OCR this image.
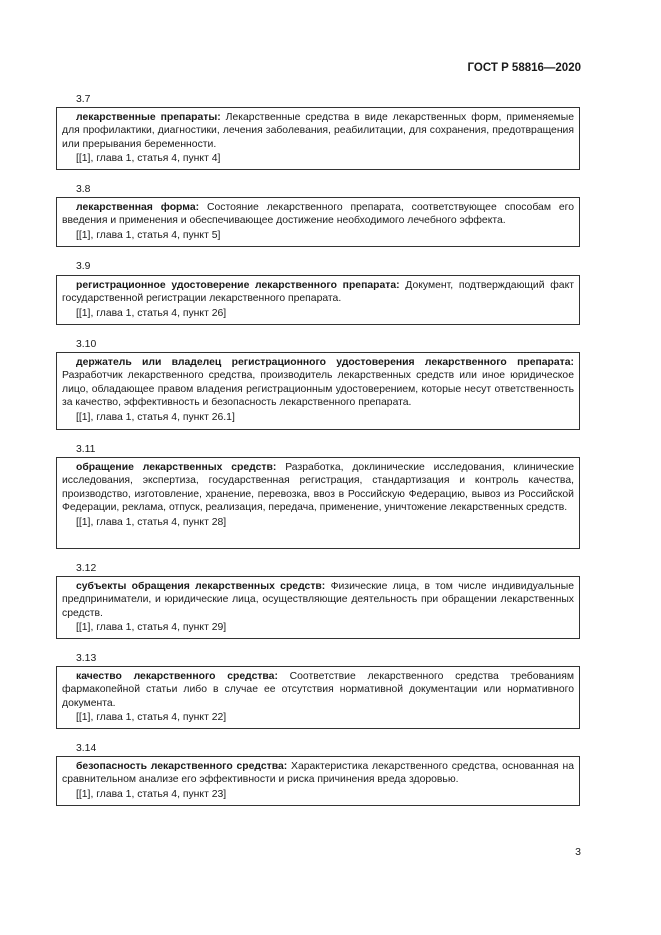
ГОСТ Р 58816—2020
3.7

лекарственные препараты: Лекарственные средства в виде лекарственных форм, применяемые для профилактики, диагностики, лечения заболевания, реабилитации, для сохранения, предотвращения или прерывания беременности.

[[1], глава 1, статья 4, пункт 4]
3.8

лекарственная форма: Состояние лекарственного препарата, соответствующее способам его введения и применения и обеспечивающее достижение необходимого лечебного эффекта.

[[1], глава 1, статья 4, пункт 5]
3.9

регистрационное удостоверение лекарственного препарата: Документ, подтверждающий факт государственной регистрации лекарственного препарата.

[[1], глава 1, статья 4, пункт 26]
3.10

держатель или владелец регистрационного удостоверения лекарственного препарата: Разработчик лекарственного средства, производитель лекарственных средств или иное юридическое лицо, обладающее правом владения регистрационным удостоверением, которые несут ответственность за качество, эффективность и безопасность лекарственного препарата.

[[1], глава 1, статья 4, пункт 26.1]
3.11

обращение лекарственных средств: Разработка, доклинические исследования, клинические исследования, экспертиза, государственная регистрация, стандартизация и контроль качества, производство, изготовление, хранение, перевозка, ввоз в Российскую Федерацию, вывоз из Российской Федерации, реклама, отпуск, реализация, передача, применение, уничтожение лекарственных средств.

[[1], глава 1, статья 4, пункт 28]
3.12

субъекты обращения лекарственных средств: Физические лица, в том числе индивидуальные предприниматели, и юридические лица, осуществляющие деятельность при обращении лекарственных средств.

[[1], глава 1, статья 4, пункт 29]
3.13

качество лекарственного средства: Соответствие лекарственного средства требованиям фармакопейной статьи либо в случае ее отсутствия нормативной документации или нормативного документа.

[[1], глава 1, статья 4, пункт 22]
3.14

безопасность лекарственного средства: Характеристика лекарственного средства, основанная на сравнительном анализе его эффективности и риска причинения вреда здоровью.

[[1], глава 1, статья 4, пункт 23]
3
